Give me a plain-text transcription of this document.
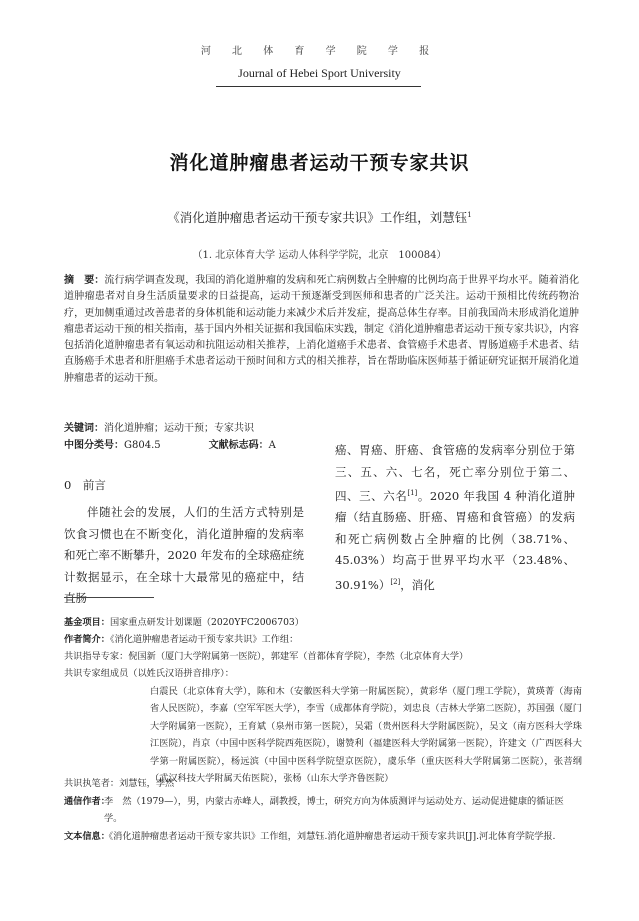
河 北 体 育 学 院 学 报
Journal of Hebei Sport University
消化道肿瘤患者运动干预专家共识
《消化道肿瘤患者运动干预专家共识》工作组，刘慧钰$^1$
（1. 北京体育大学 运动人体科学学院，北京　100084）
摘　要：流行病学调查发现，我国的消化道肿瘤的发病和死亡病例数占全肿瘤的比例均高于世界平均水平。随着消化道肿瘤患者对自身生活质量要求的日益提高，运动干预逐渐受到医师和患者的广泛关注。运动干预相比传统药物治疗，更加侧重通过改善患者的身体机能和运动能力来减少术后并发症，提高总体生存率。目前我国尚未形成消化道肿瘤患者运动干预的相关指南，基于国内外相关证据和我国临床实践，制定《消化道肿瘤患者运动干预专家共识》，内容包括消化道肿瘤患者有氧运动和抗阻运动相关推荐，上消化道癌手术患者、食管癌手术患者、胃肠道癌手术患者、结直肠癌手术患者和肝胆癌手术患者运动干预时间和方式的相关推荐，旨在帮助临床医师基于循证研究证据开展消化道肿瘤患者的运动干预。
关键词：消化道肿瘤；运动干预；专家共识
中图分类号：G804.5	文献标志码：A
0　前言
伴随社会的发展，人们的生活方式特别是饮食习惯也在不断变化，消化道肿瘤的发病率和死亡率不断攀升，2020 年发布的全球癌症统计数据显示，在全球十大最常见的癌症中，结直肠
癌、胃癌、肝癌、食管癌的发病率分别位于第三、五、六、七名，死亡率分别位于第二、四、三、六名[1]。2020 年我国 4 种消化道肿瘤（结直肠癌、肝癌、胃癌和食管癌）的发病和死亡病例数占全肿瘤的比例（38.71%、45.03%）均高于世界平均水平（23.48%、30.91%）[2]，消化
基金项目：国家重点研发计划课题（2020YFC2006703）
作者简介：《消化道肿瘤患者运动干预专家共识》工作组：
共识指导专家：倪国新（厦门大学附属第一医院），郭建军（首都体育学院），李然（北京体育大学）
共识专家组成员（以姓氏汉语拼音排序）：
白震民（北京体育大学），陈和木（安徽医科大学第一附属医院），黄彩华（厦门理工学院），黄瑛菁（海南省人民医院），李嘉（空军军医大学），李雪（成都体育学院），刘忠良（吉林大学第二医院），苏国强（厦门大学附属第一医院），王育斌（泉州市第一医院），吴霜（贵州医科大学附属医院），吴文（南方医科大学珠江医院），肖京（中国中医科学院西苑医院），谢赞利（福建医科大学附属第一医院），许建文（广西医科大学第一附属医院），杨远滨（中国中医科学院望京医院），虞乐华（重庆医科大学附属第二医院），张菩纲（武汉科技大学附属天佑医院），张杨（山东大学齐鲁医院）
共识执笔者：刘慧钰，李然
通信作者：
李　然（1979—），男，内蒙古赤峰人，副教授，博士，研究方向为体质测评与运动处方、运动促进健康的循证医学。
文本信息：
《消化道肿瘤患者运动干预专家共识》工作组，刘慧钰.消化道肿瘤患者运动干预专家共识[J].河北体育学院学报.
